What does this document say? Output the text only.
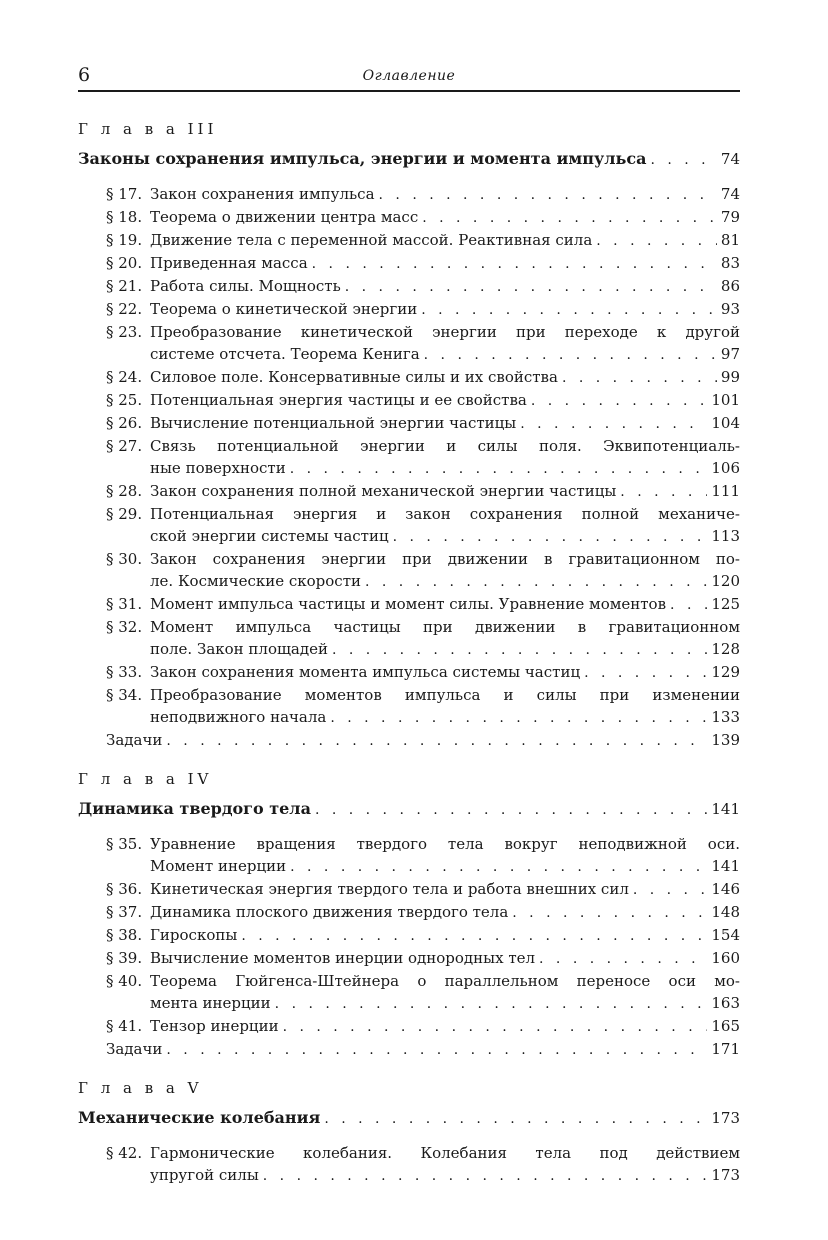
6	Оглавление
Г л а в а III
Законы сохранения импульса, энергии и момента импульса . . .	74
§ 17. Закон сохранения импульса . . .	74
§ 18. Теорема о движении центра масс . . .	79
§ 19. Движение тела с переменной массой. Реактивная сила . . .	81
§ 20. Приведенная масса . . .	83
§ 21. Работа силы. Мощность . . .	86
§ 22. Теорема о кинетической энергии . . .	93
§ 23. Преобразование кинетической энергии при переходе к другой
системе отсчета. Теорема Кенига . . .	97
§ 24. Силовое поле. Консервативные силы и их свойства . . .	99
§ 25. Потенциальная энергия частицы и ее свойства . . .	101
§ 26. Вычисление потенциальной энергии частицы . . .	104
§ 27. Связь потенциальной энергии и силы поля. Эквипотенциаль-
ные поверхности . . .	106
§ 28. Закон сохранения полной механической энергии частицы . . .	111
§ 29. Потенциальная энергия и закон сохранения полной механиче-
ской энергии системы частиц . . .	113
§ 30. Закон сохранения энергии при движении в гравитационном по-
ле. Космические скорости . . .	120
§ 31. Момент импульса частицы и момент силы. Уравнение моментов . . .	125
§ 32. Момент импульса частицы при движении в гравитационном
поле. Закон площадей . . .	128
§ 33. Закон сохранения момента импульса системы частиц . . .	129
§ 34. Преобразование моментов импульса и силы при изменении
неподвижного начала . . .	133
Задачи . . .	139
Г л а в а IV
Динамика твердого тела . . .	141
§ 35. Уравнение вращения твердого тела вокруг неподвижной оси.
Момент инерции . . .	141
§ 36. Кинетическая энергия твердого тела и работа внешних сил . . .	146
§ 37. Динамика плоского движения твердого тела . . .	148
§ 38. Гироскопы . . .	154
§ 39. Вычисление моментов инерции однородных тел . . .	160
§ 40. Теорема Гюйгенса-Штейнера о параллельном переносе оси мо-
мента инерции . . .	163
§ 41. Тензор инерции . . .	165
Задачи . . .	171
Г л а в а V
Механические колебания . . .	173
§ 42. Гармонические колебания. Колебания тела под действием
упругой силы . . .	173
